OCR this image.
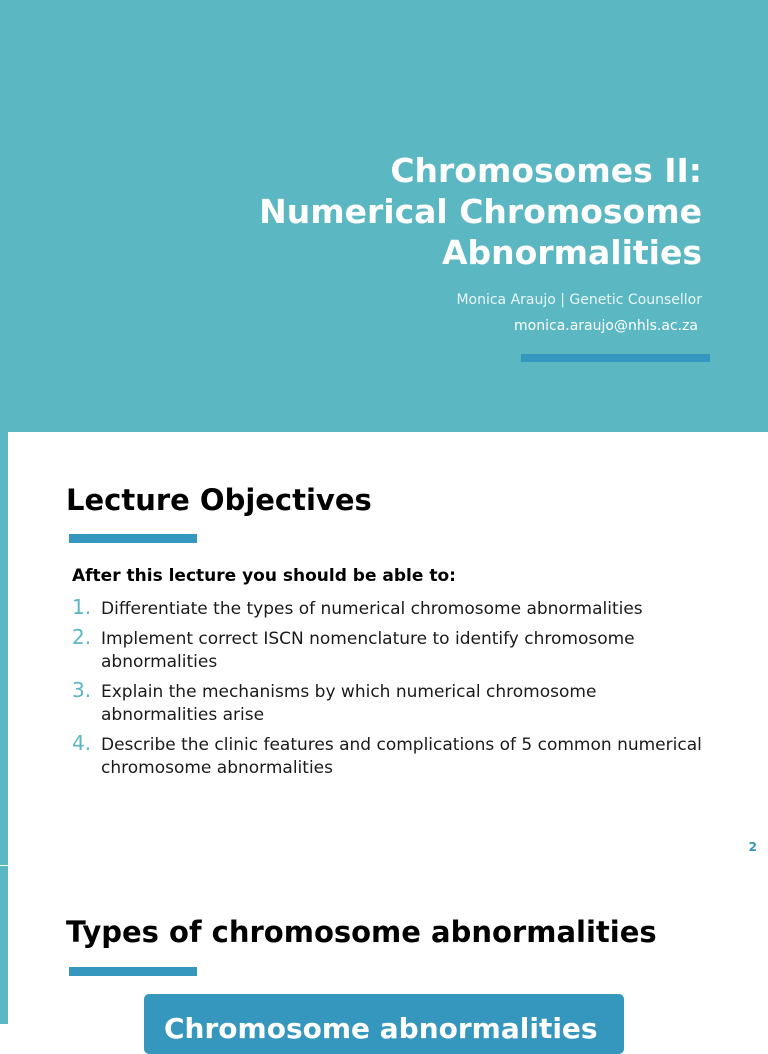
Chromosomes II:
Numerical Chromosome
Abnormalities
Monica Araujo | Genetic Counsellor
monica.araujo@nhls.ac.za
Lecture Objectives

After this lecture you should be able to:

1. Differentiate the types of numerical chromosome abnormalities
2. Implement correct ISCN nomenclature to identify chromosome abnormalities
3. Explain the mechanisms by which numerical chromosome abnormalities arise
4. Describe the clinic features and complications of 5 common numerical chromosome abnormalities
2
Types of chromosome abnormalities
Chromosome abnormalities
